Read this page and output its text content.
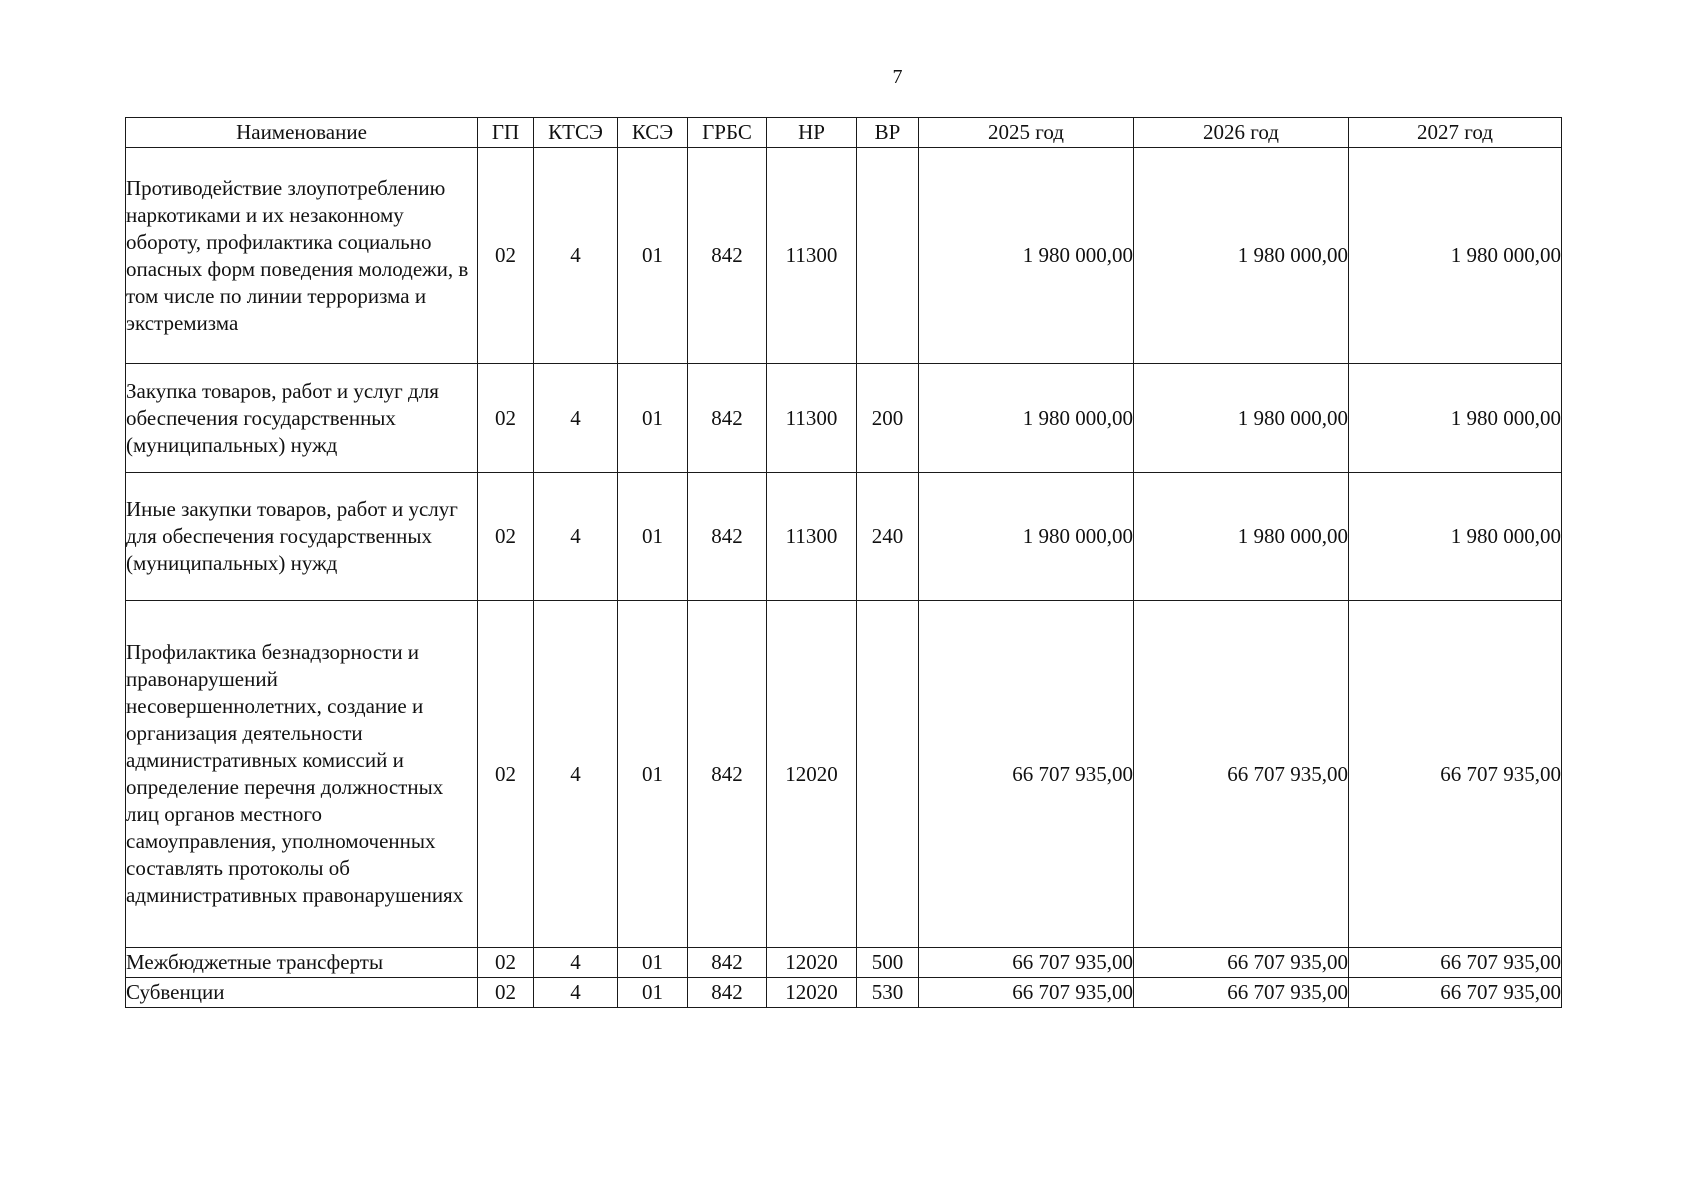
7
Наименование	ГП	КТСЭ	КСЭ	ГРБС	НР	ВР	2025 год	2026 год	2027 год
Противодействие злоупотреблению наркотиками и их незаконному обороту, профилактика социально опасных форм поведения молодежи, в том числе по линии терроризма и экстремизма	02	4	01	842	11300		1 980 000,00	1 980 000,00	1 980 000,00
Закупка товаров, работ и услуг для обеспечения государственных (муниципальных) нужд	02	4	01	842	11300	200	1 980 000,00	1 980 000,00	1 980 000,00
Иные закупки товаров, работ и услуг для обеспечения государственных (муниципальных) нужд	02	4	01	842	11300	240	1 980 000,00	1 980 000,00	1 980 000,00
Профилактика безнадзорности и правонарушений несовершеннолетних, создание и организация деятельности административных комиссий и определение перечня должностных лиц органов местного самоуправления, уполномоченных составлять протоколы об административных правонарушениях	02	4	01	842	12020		66 707 935,00	66 707 935,00	66 707 935,00
Межбюджетные трансферты	02	4	01	842	12020	500	66 707 935,00	66 707 935,00	66 707 935,00
Субвенции	02	4	01	842	12020	530	66 707 935,00	66 707 935,00	66 707 935,00
